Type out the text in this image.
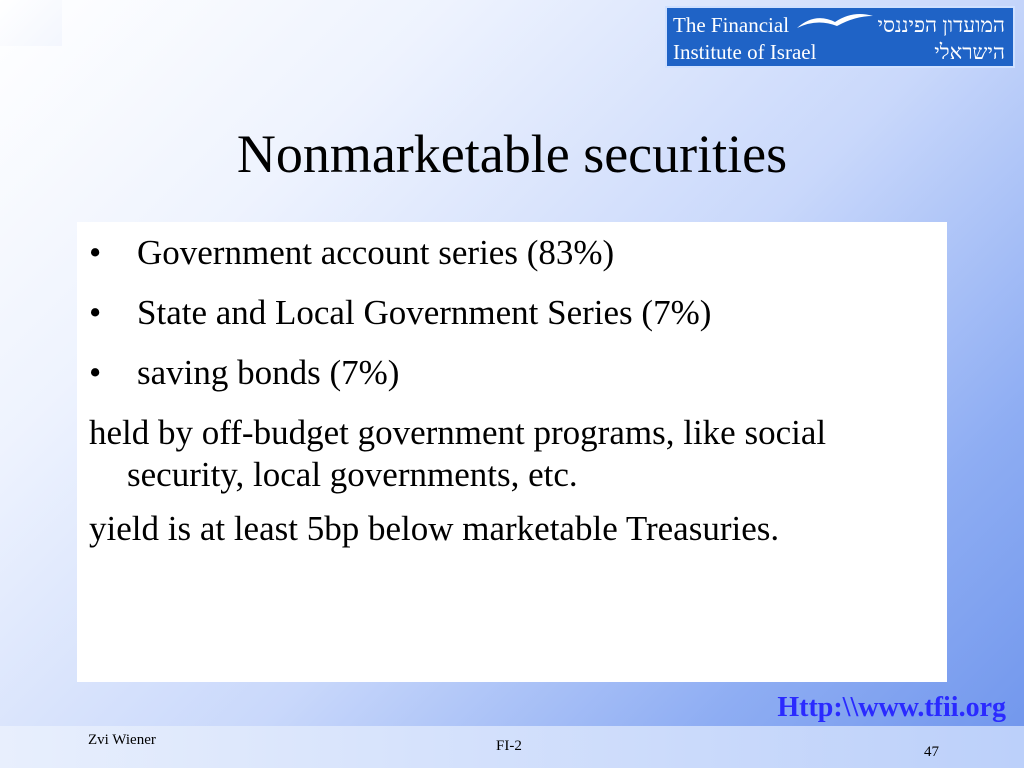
The Financial
Institute of Israel
המועדון הפיננסי
הישראלי
Nonmarketable securities
• Government account series (83%)
• State and Local Government Series (7%)
• saving bonds (7%)

held by off-budget government programs, like social security, local governments, etc.

yield is at least 5bp below marketable Treasuries.

Http:\\www.tfii.org
Zvi Wiener	FI-2	47
